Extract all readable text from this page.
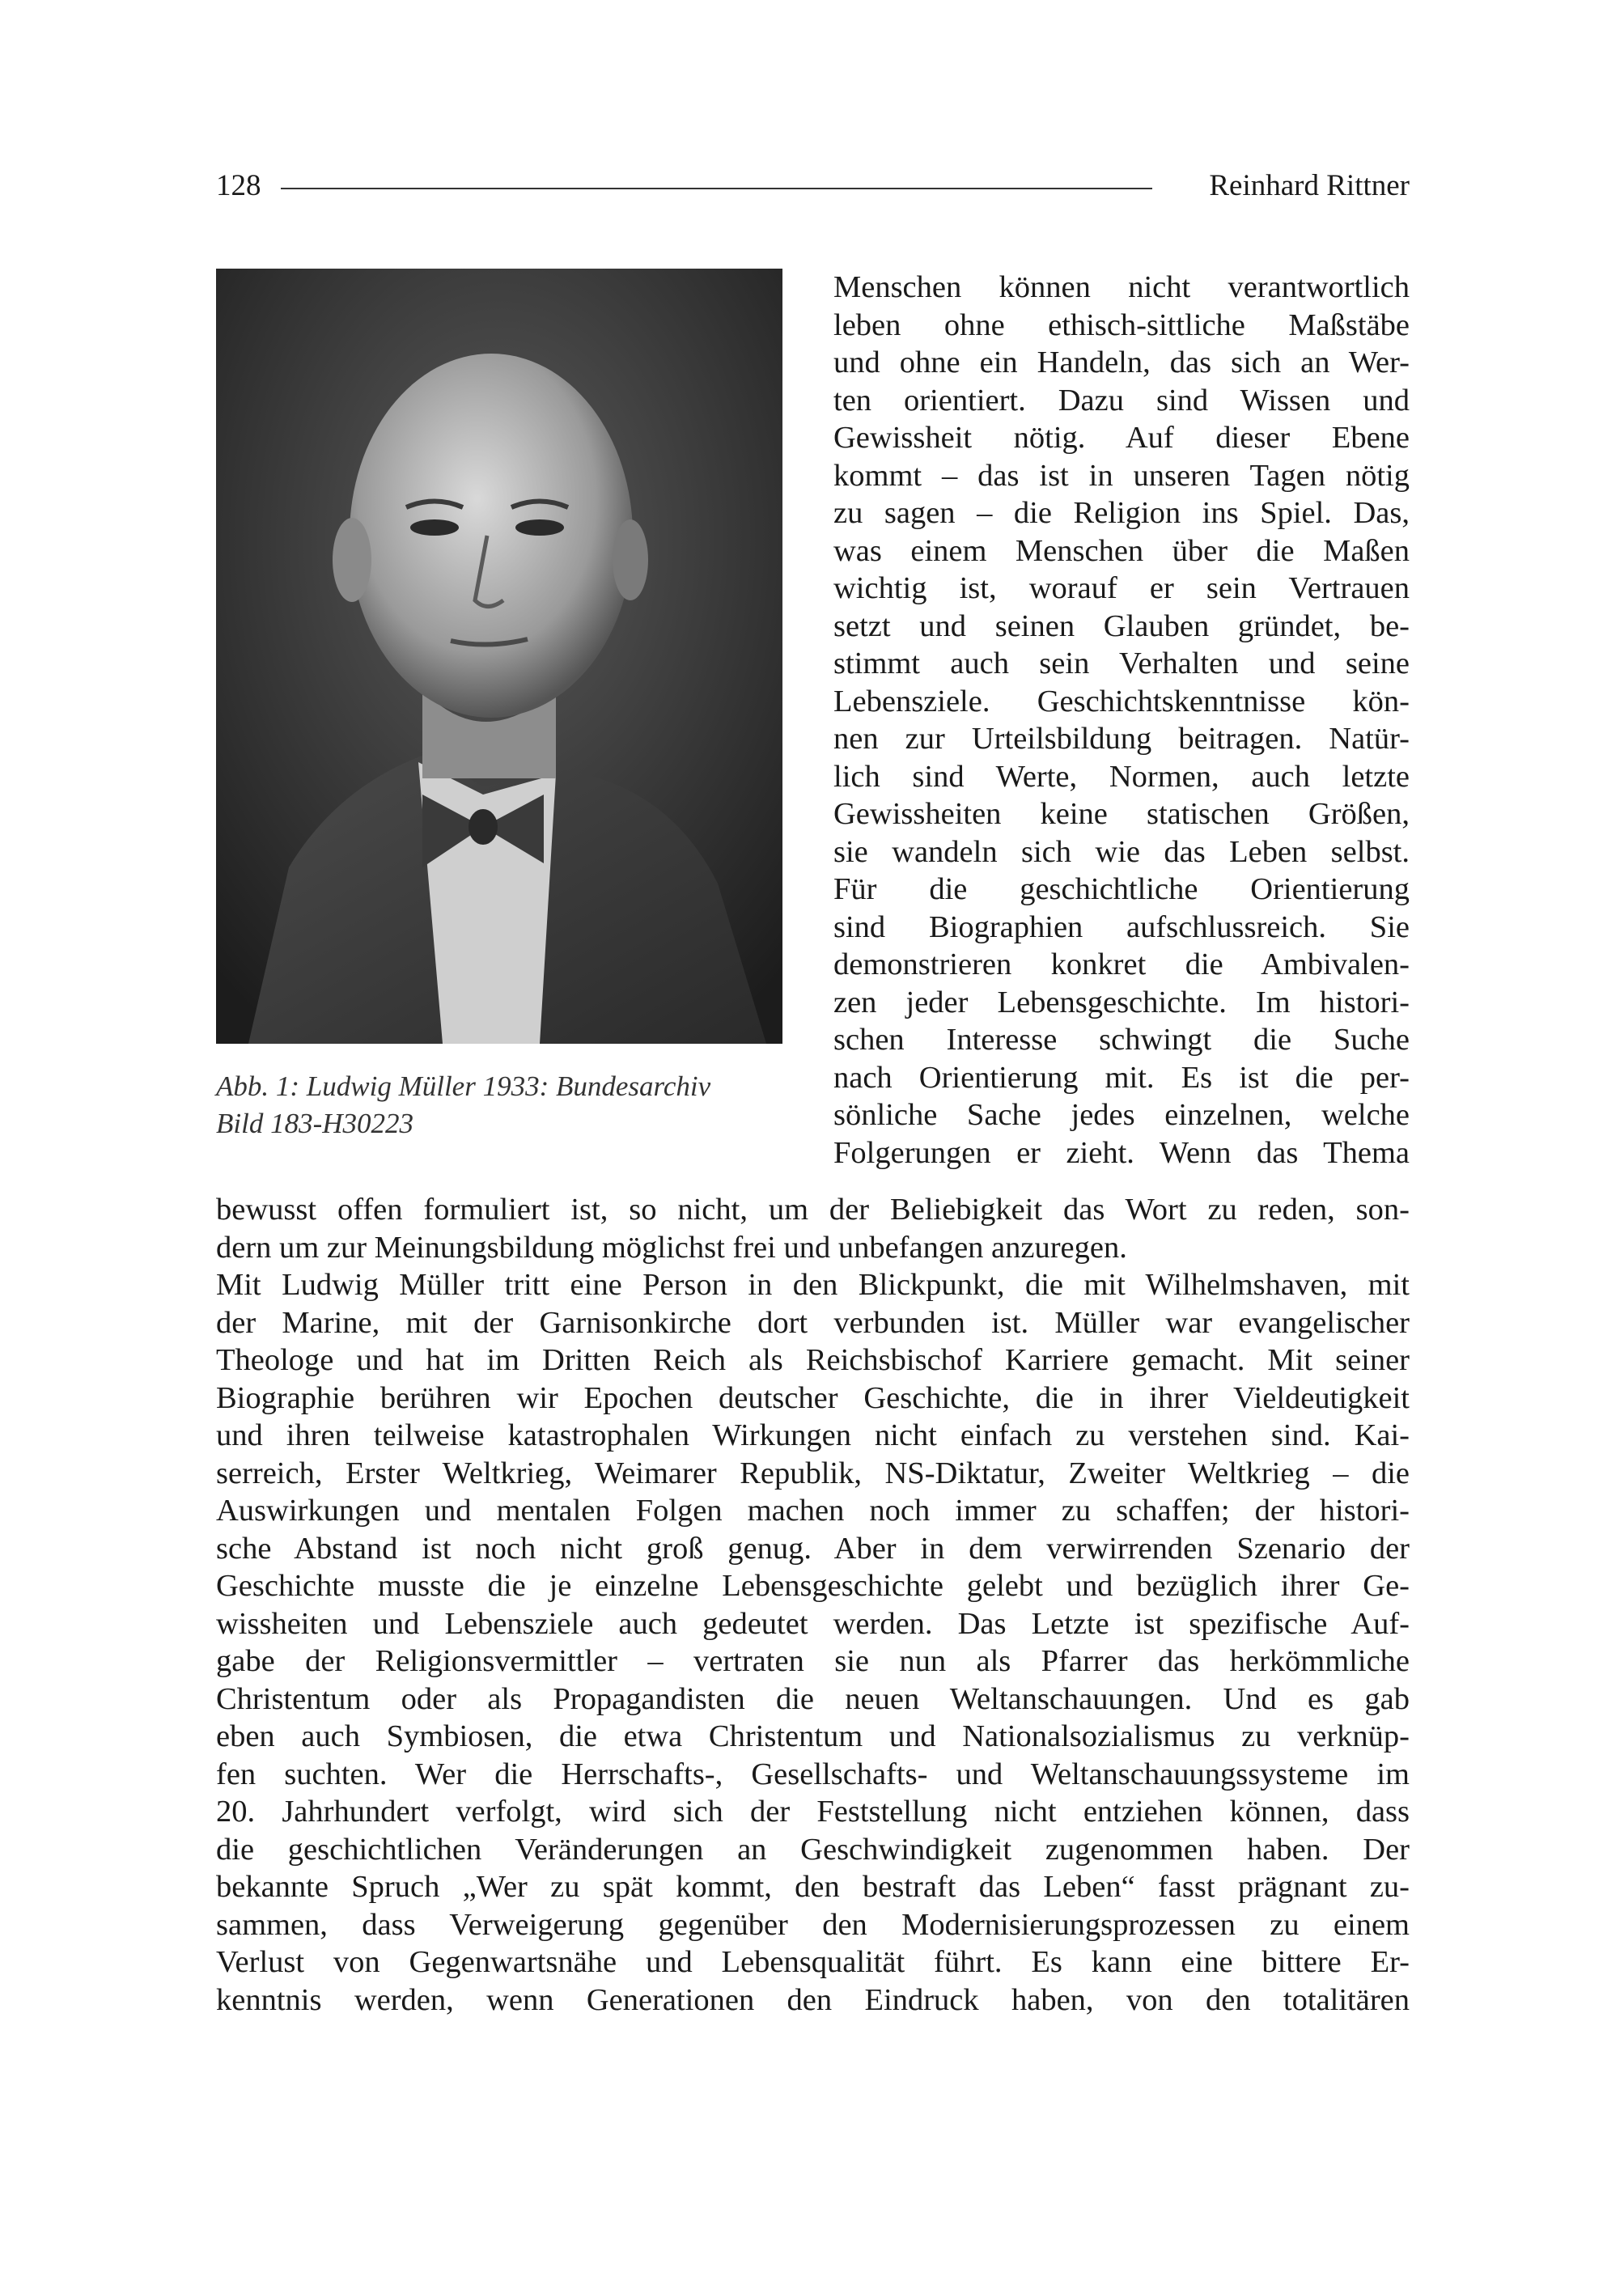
128	Reinhard Rittner
Abb. 1: Ludwig Müller 1933: Bundesarchiv
Bild 183-H30223
Menschen können nicht verantwortlich
leben ohne ethisch-sittliche Maßstäbe
und ohne ein Handeln, das sich an Wer-
ten orientiert. Dazu sind Wissen und
Gewissheit nötig. Auf dieser Ebene
kommt – das ist in unseren Tagen nötig
zu sagen – die Religion ins Spiel. Das,
was einem Menschen über die Maßen
wichtig ist, worauf er sein Vertrauen
setzt und seinen Glauben gründet, be-
stimmt auch sein Verhalten und seine
Lebensziele. Geschichtskenntnisse kön-
nen zur Urteilsbildung beitragen. Natür-
lich sind Werte, Normen, auch letzte
Gewissheiten keine statischen Größen,
sie wandeln sich wie das Leben selbst.
Für die geschichtliche Orientierung
sind Biographien aufschlussreich. Sie
demonstrieren konkret die Ambivalen-
zen jeder Lebensgeschichte. Im histori-
schen Interesse schwingt die Suche
nach Orientierung mit. Es ist die per-
sönliche Sache jedes einzelnen, welche
Folgerungen er zieht. Wenn das Thema
bewusst offen formuliert ist, so nicht, um der Beliebigkeit das Wort zu reden, son-
dern um zur Meinungsbildung möglichst frei und unbefangen anzuregen.
Mit Ludwig Müller tritt eine Person in den Blickpunkt, die mit Wilhelmshaven, mit
der Marine, mit der Garnisonkirche dort verbunden ist. Müller war evangelischer
Theologe und hat im Dritten Reich als Reichsbischof Karriere gemacht. Mit seiner
Biographie berühren wir Epochen deutscher Geschichte, die in ihrer Vieldeutigkeit
und ihren teilweise katastrophalen Wirkungen nicht einfach zu verstehen sind. Kai-
serreich, Erster Weltkrieg, Weimarer Republik, NS-Diktatur, Zweiter Weltkrieg – die
Auswirkungen und mentalen Folgen machen noch immer zu schaffen; der histori-
sche Abstand ist noch nicht groß genug. Aber in dem verwirrenden Szenario der
Geschichte musste die je einzelne Lebensgeschichte gelebt und bezüglich ihrer Ge-
wissheiten und Lebensziele auch gedeutet werden. Das Letzte ist spezifische Auf-
gabe der Religionsvermittler – vertraten sie nun als Pfarrer das herkömmliche
Christentum oder als Propagandisten die neuen Weltanschauungen. Und es gab
eben auch Symbiosen, die etwa Christentum und Nationalsozialismus zu verknüp-
fen suchten. Wer die Herrschafts-, Gesellschafts- und Weltanschauungssysteme im
20. Jahrhundert verfolgt, wird sich der Feststellung nicht entziehen können, dass
die geschichtlichen Veränderungen an Geschwindigkeit zugenommen haben. Der
bekannte Spruch „Wer zu spät kommt, den bestraft das Leben“ fasst prägnant zu-
sammen, dass Verweigerung gegenüber den Modernisierungsprozessen zu einem
Verlust von Gegenwartsnähe und Lebensqualität führt. Es kann eine bittere Er-
kenntnis werden, wenn Generationen den Eindruck haben, von den totalitären
